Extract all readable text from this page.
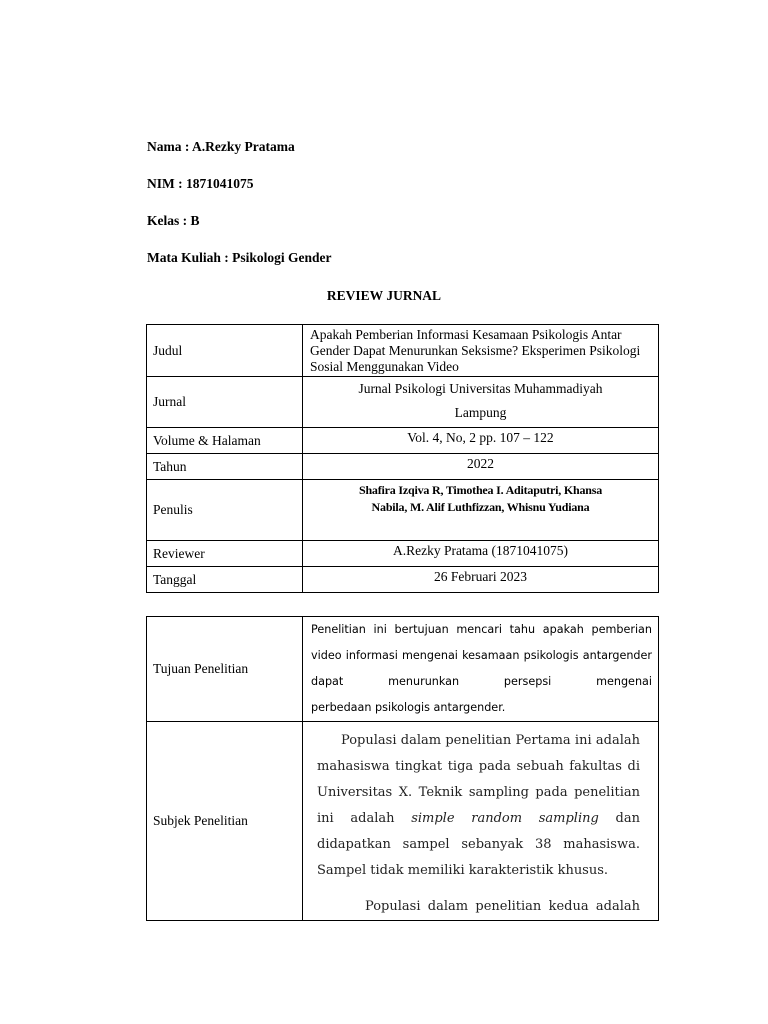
Nama : A.Rezky Pratama
NIM : 1871041075
Kelas : B
Mata Kuliah : Psikologi Gender
REVIEW JURNAL
Judul	Apakah Pemberian Informasi Kesamaan Psikologis Antar Gender Dapat Menurunkan Seksisme? Eksperimen Psikologi Sosial Menggunakan Video
Jurnal	Jurnal Psikologi Universitas Muhammadiyah
Lampung

Volume & Halaman	Vol. 4, No, 2 pp. 107 – 122
Tahun	2022
Penulis	Shafira Izqiva R, Timothea I. Aditaputri, Khansa
Nabila, M. Alif Luthfizzan, Whisnu Yudiana

Reviewer	A.Rezky Pratama (1871041075)
Tanggal	26 Februari 2023
Tujuan Penelitian	Penelitian ini bertujuan mencari tahu apakah pemberian video informasi mengenai kesamaan psikologis antargender dapat menurunkan persepsi mengenai
perbedaan psikologis antargender.

Subjek Penelitian	Populasi dalam penelitian Pertama ini adalah mahasiswa tingkat tiga pada sebuah fakultas di Universitas X. Teknik sampling pada penelitian ini adalah simple random sampling dan didapatkan sampel sebanyak 38 mahasiswa. Sampel tidak memiliki karakteristik khusus.

Populasi dalam penelitian kedua adalah
